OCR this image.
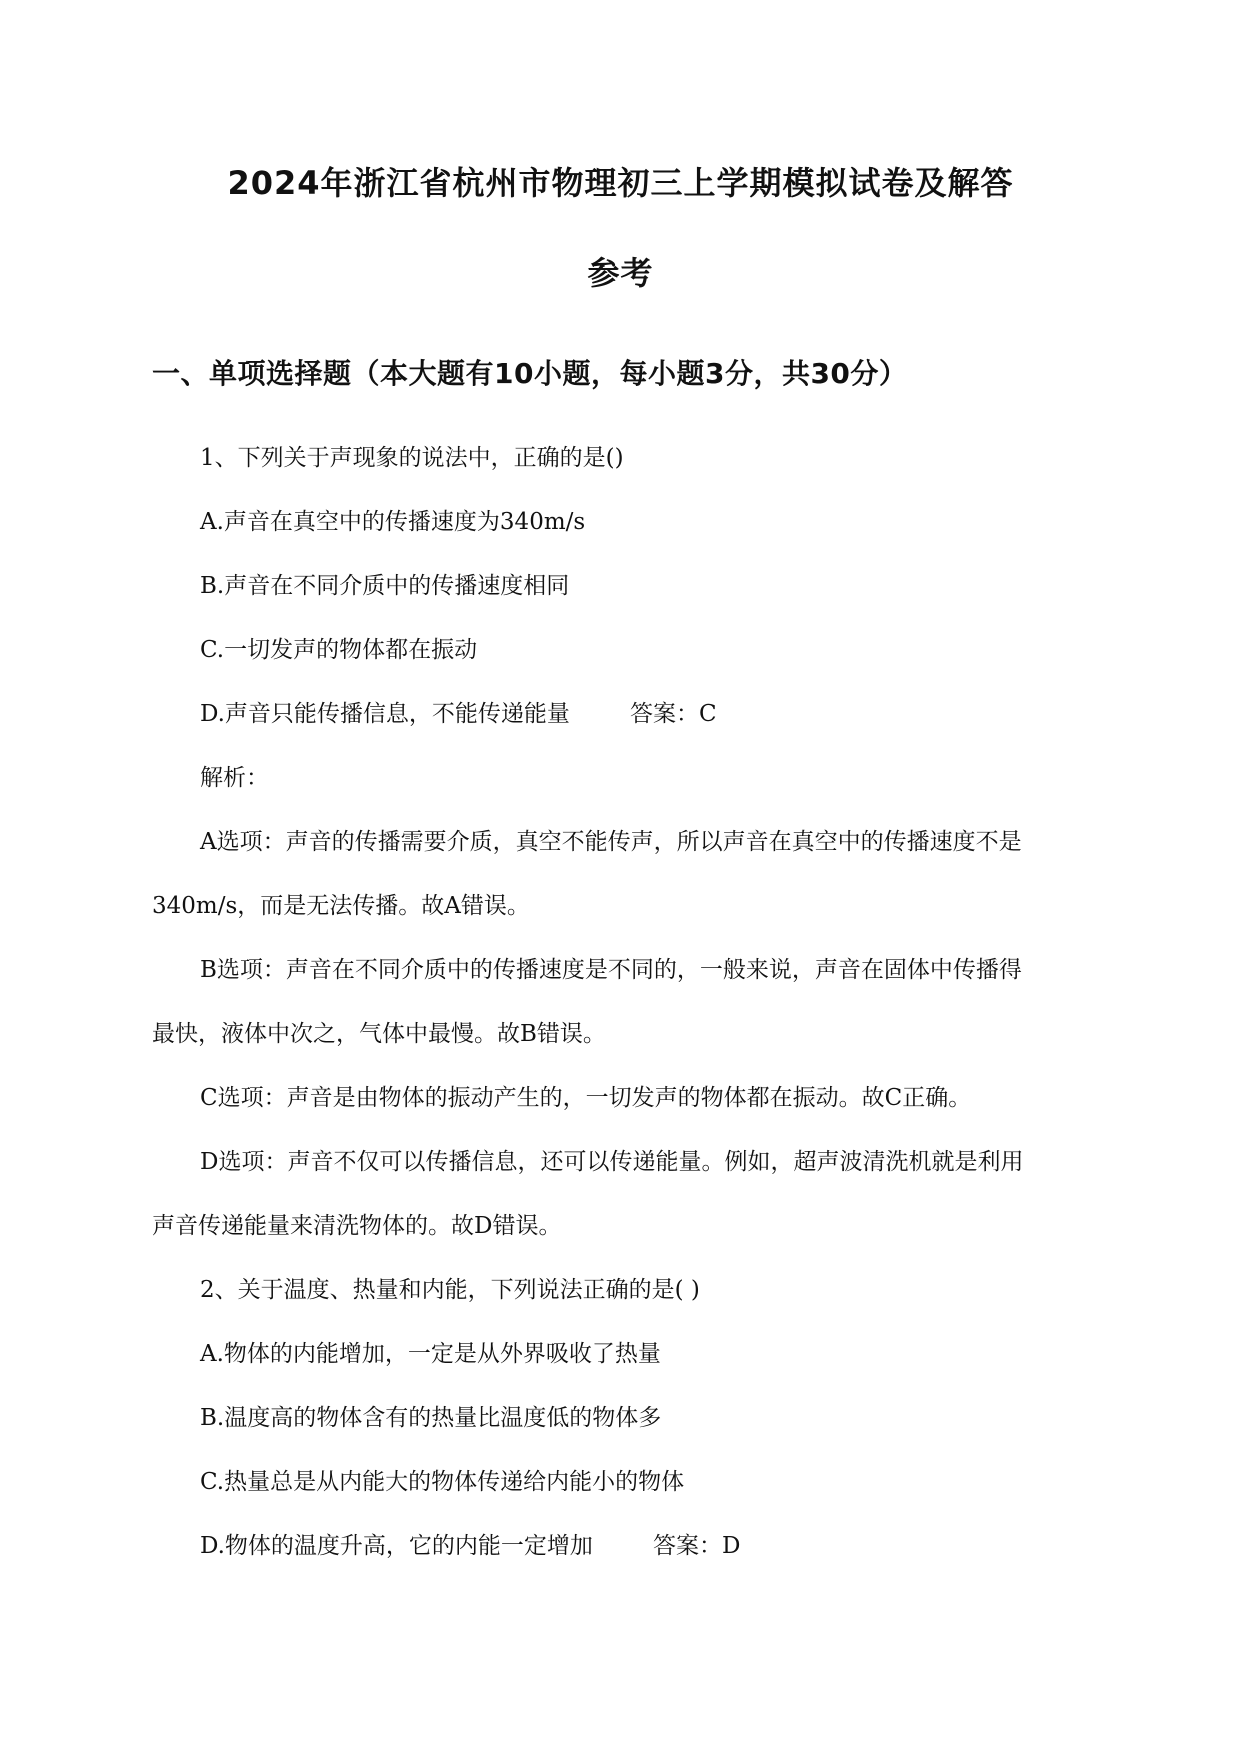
2024年浙江省杭州市物理初三上学期模拟试卷及解答
参考
一、单项选择题（本大题有10小题，每小题3分，共30分）
1、下列关于声现象的说法中，正确的是()
A.声音在真空中的传播速度为340m/s
B.声音在不同介质中的传播速度相同
C.一切发声的物体都在振动
D.声音只能传播信息，不能传递能量	答案：C
解析：
A选项：声音的传播需要介质，真空不能传声，所以声音在真空中的传播速度不是
340m/s，而是无法传播。故A错误。
B选项：声音在不同介质中的传播速度是不同的，一般来说，声音在固体中传播得
最快，液体中次之，气体中最慢。故B错误。
C选项：声音是由物体的振动产生的，一切发声的物体都在振动。故C正确。
D选项：声音不仅可以传播信息，还可以传递能量。例如，超声波清洗机就是利用
声音传递能量来清洗物体的。故D错误。
2、关于温度、热量和内能，下列说法正确的是( )
A.物体的内能增加，一定是从外界吸收了热量
B.温度高的物体含有的热量比温度低的物体多
C.热量总是从内能大的物体传递给内能小的物体
D.物体的温度升高，它的内能一定增加	答案：D
